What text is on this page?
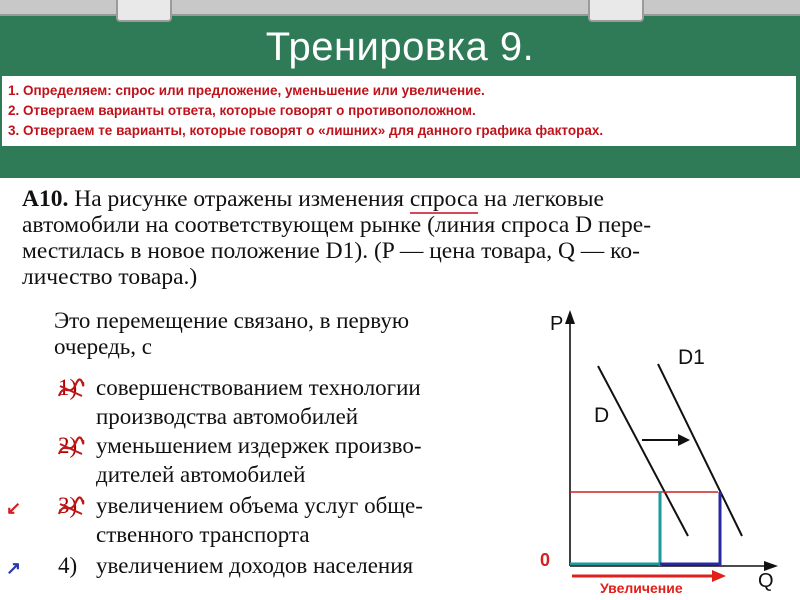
Тренировка 9.
1. Определяем: спрос или предложение, уменьшение или увеличение.
2. Отвергаем варианты ответа, которые говорят о противоположном.
3. Отвергаем те варианты, которые говорят о «лишних» для данного графика факторах.
А10. На рисунке отражены изменения спроса на легковые
автомобили на соответствующем рынке (линия спроса D пере-
местилась в новое положение D1). (P — цена товара, Q — ко-
личество товара.)
Это перемещение связано, в первую
очередь, с
1) совершенствованием технологии
производства автомобилей
2) уменьшением издержек произво-
дителей автомобилей
↙ 3) увеличением объема услуг обще-
ственного транспорта
↗ 4) увеличением доходов населения
P
Q
0
D
D1
Увеличение
